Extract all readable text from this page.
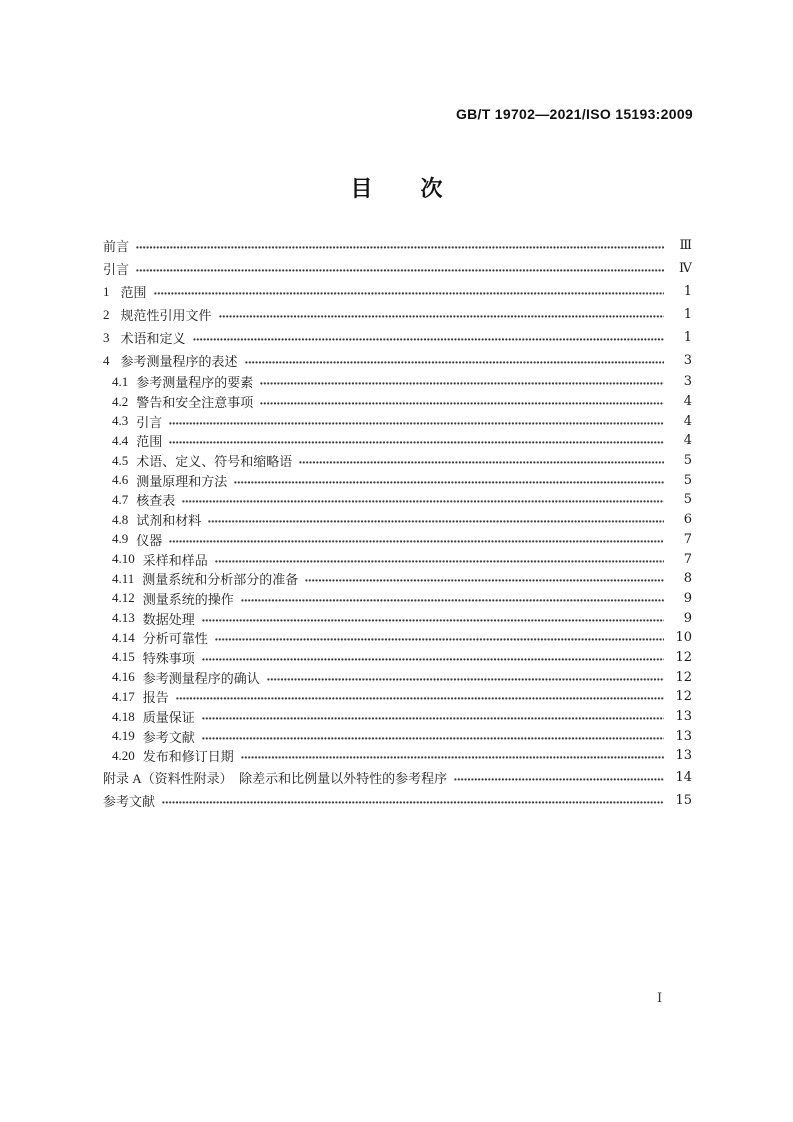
GB/T 19702—2021/ISO 15193:2009
目　次
前言	Ⅲ
引言	Ⅳ
1 范围	1
2 规范性引用文件	1
3 术语和定义	1
4 参考测量程序的表述	3
4.1 参考测量程序的要素	3
4.2 警告和安全注意事项	4
4.3 引言	4
4.4 范围	4
4.5 术语、定义、符号和缩略语	5
4.6 测量原理和方法	5
4.7 核查表	5
4.8 试剂和材料	6
4.9 仪器	7
4.10 采样和样品	7
4.11 测量系统和分析部分的准备	8
4.12 测量系统的操作	9
4.13 数据处理	9
4.14 分析可靠性	10
4.15 特殊事项	12
4.16 参考测量程序的确认	12
4.17 报告	12
4.18 质量保证	13
4.19 参考文献	13
4.20 发布和修订日期	13
附录 A（资料性附录）　除差示和比例量以外特性的参考程序	14
参考文献	15
Ⅰ
